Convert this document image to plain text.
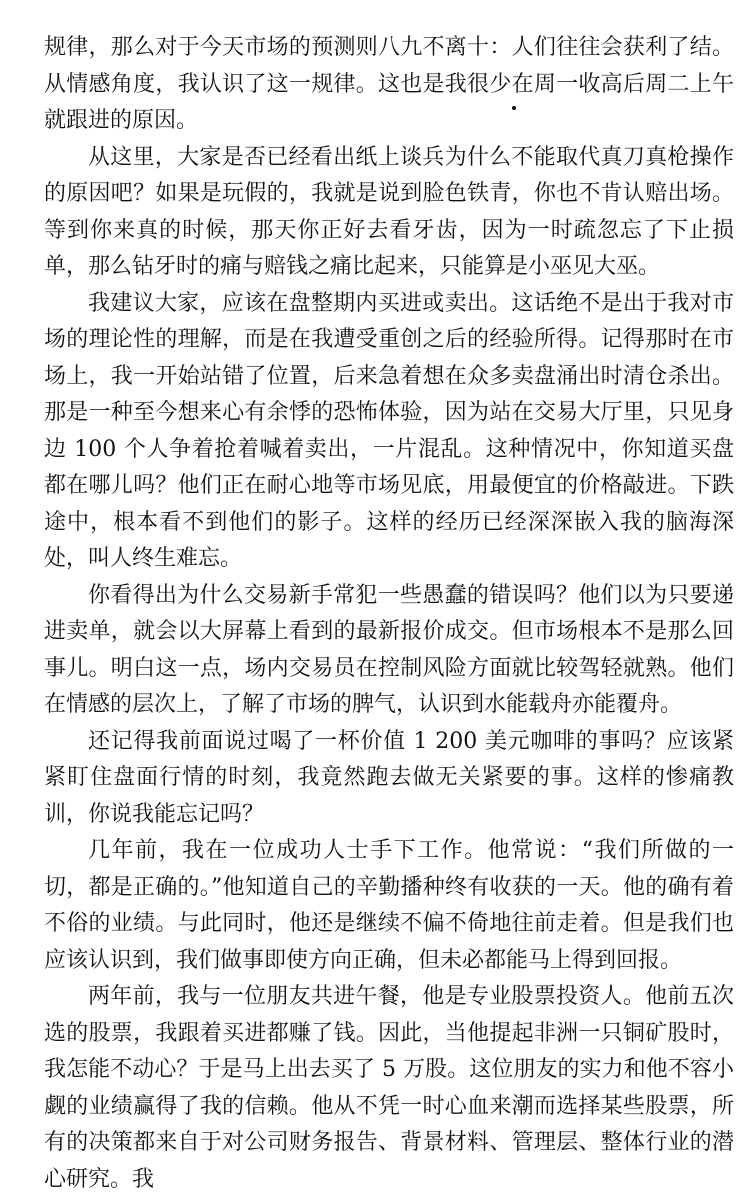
规律，那么对于今天市场的预测则八九不离十：人们往往会获利了结。从情感角度，我认识了这一规律。这也是我很少在周一收高后周二上午就跟进的原因。

从这里，大家是否已经看出纸上谈兵为什么不能取代真刀真枪操作的原因吧？如果是玩假的，我就是说到脸色铁青，你也不肯认赔出场。等到你来真的时候，那天你正好去看牙齿，因为一时疏忽忘了下止损单，那么钻牙时的痛与赔钱之痛比起来，只能算是小巫见大巫。

我建议大家，应该在盘整期内买进或卖出。这话绝不是出于我对市场的理论性的理解，而是在我遭受重创之后的经验所得。记得那时在市场上，我一开始站错了位置，后来急着想在众多卖盘涌出时清仓杀出。那是一种至今想来心有余悸的恐怖体验，因为站在交易大厅里，只见身边 100 个人争着抢着喊着卖出，一片混乱。这种情况中，你知道买盘都在哪儿吗？他们正在耐心地等市场见底，用最便宜的价格敲进。下跌途中，根本看不到他们的影子。这样的经历已经深深嵌入我的脑海深处，叫人终生难忘。

你看得出为什么交易新手常犯一些愚蠢的错误吗？他们以为只要递进卖单，就会以大屏幕上看到的最新报价成交。但市场根本不是那么回事儿。明白这一点，场内交易员在控制风险方面就比较驾轻就熟。他们在情感的层次上，了解了市场的脾气，认识到水能载舟亦能覆舟。

还记得我前面说过喝了一杯价值 1 200 美元咖啡的事吗？应该紧紧盯住盘面行情的时刻，我竟然跑去做无关紧要的事。这样的惨痛教训，你说我能忘记吗？

几年前，我在一位成功人士手下工作。他常说：“我们所做的一切，都是正确的。”他知道自己的辛勤播种终有收获的一天。他的确有着不俗的业绩。与此同时，他还是继续不偏不倚地往前走着。但是我们也应该认识到，我们做事即使方向正确，但未必都能马上得到回报。

两年前，我与一位朋友共进午餐，他是专业股票投资人。他前五次选的股票，我跟着买进都赚了钱。因此，当他提起非洲一只铜矿股时，我怎能不动心？于是马上出去买了 5 万股。这位朋友的实力和他不容小觑的业绩赢得了我的信赖。他从不凭一时心血来潮而选择某些股票，所有的决策都来自于对公司财务报告、背景材料、管理层、整体行业的潜心研究。我
